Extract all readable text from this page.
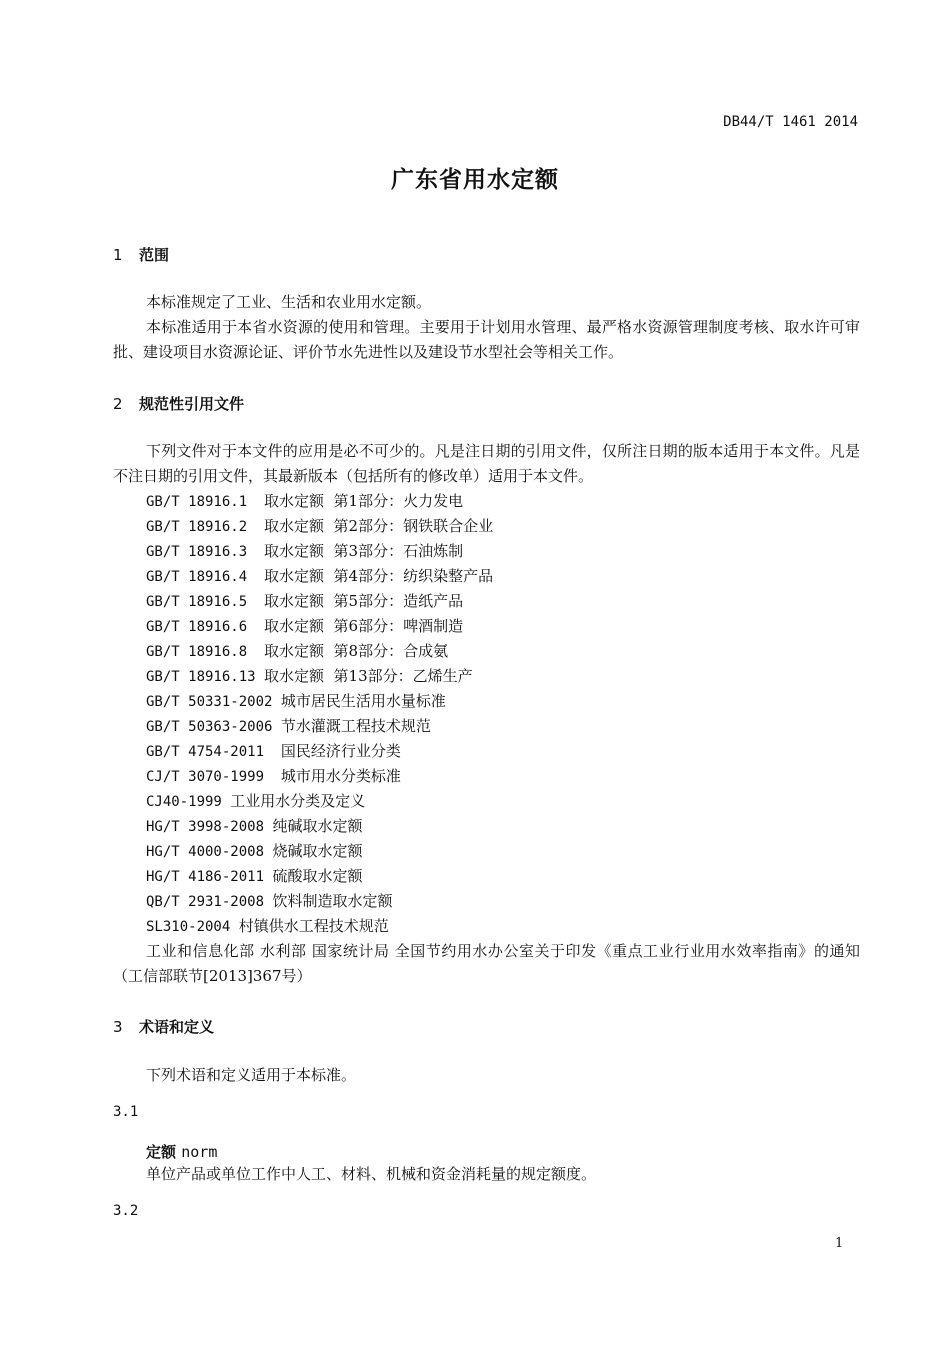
DB44/T 1461 2014
广东省用水定额
1 范围

本标准规定了工业、生活和农业用水定额。

本标准适用于本省水资源的使用和管理。主要用于计划用水管理、最严格水资源管理制度考核、取水许可审批、建设项目水资源论证、评价节水先进性以及建设节水型社会等相关工作。

2 规范性引用文件

下列文件对于本文件的应用是必不可少的。凡是注日期的引用文件，仅所注日期的版本适用于本文件。凡是不注日期的引用文件，其最新版本（包括所有的修改单）适用于本文件。

GB/T 18916.1  取水定额  第1部分：火力发电
GB/T 18916.2  取水定额  第2部分：钢铁联合企业
GB/T 18916.3  取水定额  第3部分：石油炼制
GB/T 18916.4  取水定额  第4部分：纺织染整产品
GB/T 18916.5  取水定额  第5部分：造纸产品
GB/T 18916.6  取水定额  第6部分：啤酒制造
GB/T 18916.8  取水定额  第8部分：合成氨
GB/T 18916.13 取水定额  第13部分：乙烯生产
GB/T 50331-2002 城市居民生活用水量标准
GB/T 50363-2006 节水灌溉工程技术规范
GB/T 4754-2011  国民经济行业分类
CJ/T 3070-1999  城市用水分类标准
CJ40-1999 工业用水分类及定义
HG/T 3998-2008 纯碱取水定额
HG/T 4000-2008 烧碱取水定额
HG/T 4186-2011 硫酸取水定额
QB/T 2931-2008 饮料制造取水定额
SL310-2004 村镇供水工程技术规范

工业和信息化部 水利部 国家统计局 全国节约用水办公室关于印发《重点工业行业用水效率指南》的通知（工信部联节[2013]367号）

3 术语和定义

下列术语和定义适用于本标准。

3.1
定额 norm

单位产品或单位工作中人工、材料、机械和资金消耗量的规定额度。

3.2
1
